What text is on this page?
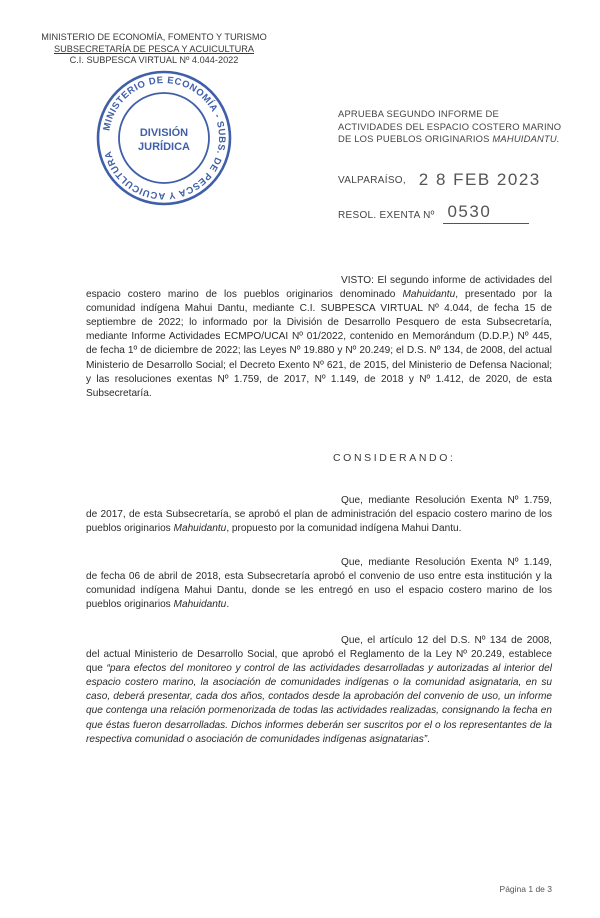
MINISTERIO DE ECONOMÍA, FOMENTO Y TURISMO
SUBSECRETARÍA DE PESCA Y ACUICULTURA
C.I. SUBPESCA VIRTUAL Nº 4.044-2022
MINISTERIO DE ECONOMÍA - SUBS. DE PESCA Y ACUICULTURA
DIVISIÓN
JURÍDICA
APRUEBA SEGUNDO INFORME DE ACTIVIDADES DEL ESPACIO COSTERO MARINO DE LOS PUEBLOS ORIGINARIOS MAHUIDANTU.
VALPARAÍSO, 2 8 FEB 2023
RESOL. EXENTA Nº 0530

VISTO: El segundo informe de actividades del espacio costero marino de los pueblos originarios denominado Mahuidantu, presentado por la comunidad indígena Mahui Dantu, mediante C.I. SUBPESCA VIRTUAL Nº 4.044, de fecha 15 de septiembre de 2022; lo informado por la División de Desarrollo Pesquero de esta Subsecretaría, mediante Informe Actividades ECMPO/UCAI Nº 01/2022, contenido en Memorándum (D.D.P.) Nº 445, de fecha 1º de diciembre de 2022; las Leyes Nº 19.880 y Nº 20.249; el D.S. Nº 134, de 2008, del actual Ministerio de Desarrollo Social; el Decreto Exento Nº 621, de 2015, del Ministerio de Defensa Nacional; y las resoluciones exentas Nº 1.759, de 2017, Nº 1.149, de 2018 y Nº 1.412, de 2020, de esta Subsecretaría.
CONSIDERANDO:
Que, mediante Resolución Exenta Nº 1.759, de 2017, de esta Subsecretaría, se aprobó el plan de administración del espacio costero marino de los pueblos originarios Mahuidantu, propuesto por la comunidad indígena Mahui Dantu.
Que, mediante Resolución Exenta Nº 1.149, de fecha 06 de abril de 2018, esta Subsecretaría aprobó el convenio de uso entre esta institución y la comunidad indígena Mahui Dantu, donde se les entregó en uso el espacio costero marino de los pueblos originarios Mahuidantu.
Que, el artículo 12 del D.S. Nº 134 de 2008, del actual Ministerio de Desarrollo Social, que aprobó el Reglamento de la Ley Nº 20.249, establece que “para efectos del monitoreo y control de las actividades desarrolladas y autorizadas al interior del espacio costero marino, la asociación de comunidades indígenas o la comunidad asignataria, en su caso, deberá presentar, cada dos años, contados desde la aprobación del convenio de uso, un informe que contenga una relación pormenorizada de todas las actividades realizadas, consignando la fecha en que éstas fueron desarrolladas. Dichos informes deberán ser suscritos por el o los representantes de la respectiva comunidad o asociación de comunidades indígenas asignatarias”.
Página 1 de 3
